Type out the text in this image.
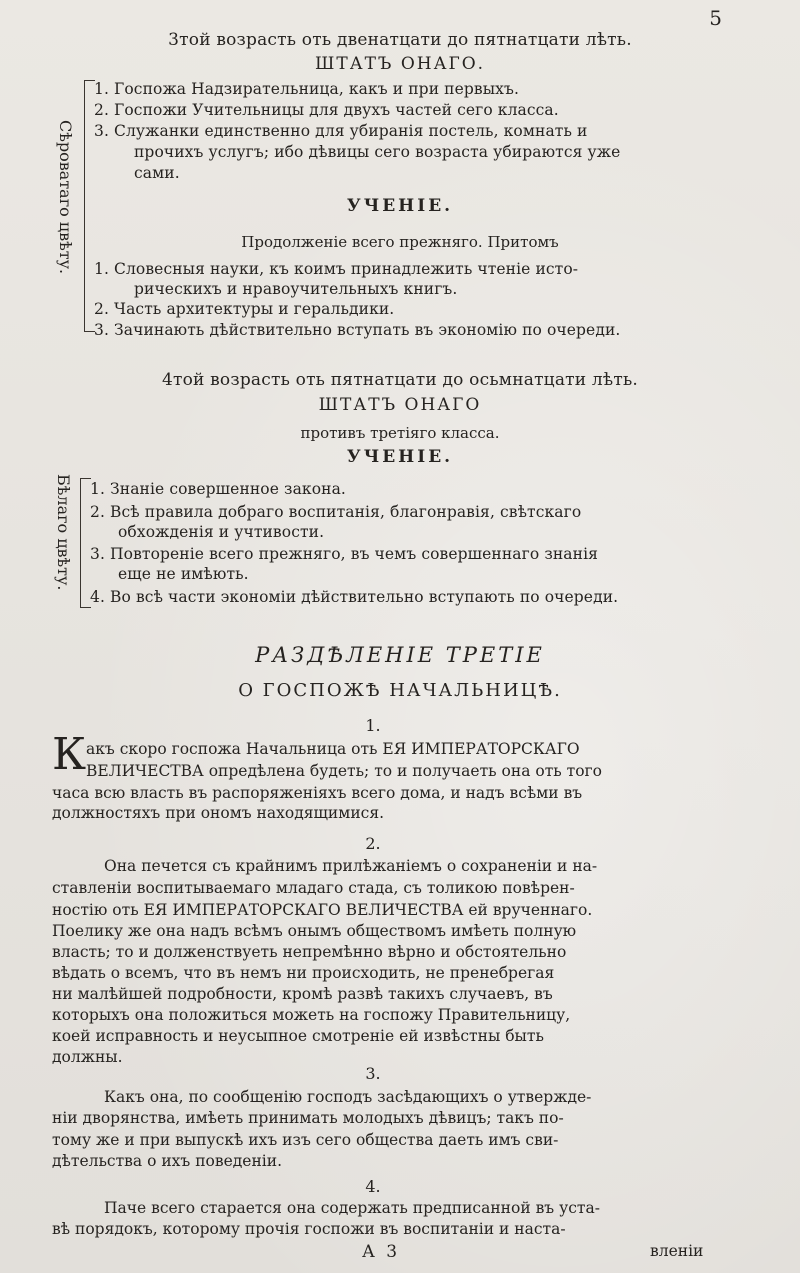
5
3той возрасть оть двенатцати до пятнатцати лѣть.
ШТАТЪ ОНАГО.
Сѣроватаго цвѣту.
1. Госпожа Надзирательница, какъ и при первыхъ.
2. Госпожи Учительницы для двухъ частей сего класса.
3. Служанки единственно для убиранія постель, комнать и
прочихъ услугъ; ибо дѣвицы сего возраста убираются уже
сами.
УЧЕНІЕ.
Продолженіе всего прежняго. Притомъ
1. Словесныя науки, къ коимъ принадлежить чтеніе исто-
рическихъ и нравоучительныхъ книгъ.
2. Часть архитектуры и геральдики.
3. Зачинають дѣйствительно вступать въ экономію по очереди.
4той возрасть оть пятнатцати до осьмнатцати лѣть.
ШТАТЪ ОНАГО
противъ третіяго класса.
УЧЕНІЕ.
Бѣлаго цвѣту. 1. Знаніе совершенное закона.
2. Всѣ правила добраго воспитанія, благонравія, свѣтскаго
обхожденія и учтивости.
3. Повтореніе всего прежняго, въ чемъ совершеннаго знанія
еще не имѣють.
4. Во всѣ части экономіи дѣйствительно вступають по очереди.
РАЗДѢЛЕНІЕ ТРЕТІЕ
О ГОСПОЖѢ НАЧАЛЬНИЦѢ.
1.
К акъ скоро госпожа Начальница оть ЕЯ ИМПЕРАТОРСКАГО
ВЕЛИЧЕСТВА опредѣлена будеть; то и получаеть она оть того
часа всю власть въ распоряженіяхъ всего дома, и надъ всѣми въ
должностяхъ при ономъ находящимися.
2.
Она печется съ крайнимъ прилѣжаніемъ о сохраненіи и на-
ставленіи воспитываемаго младаго стада, съ толикою повѣрен-
ностію оть ЕЯ ИМПЕРАТОРСКАГО ВЕЛИЧЕСТВА ей врученнаго.
Поелику же она надъ всѣмъ онымъ обществомъ имѣеть полную
власть; то и долженствуеть непремѣнно вѣрно и обстоятельно
вѣдать о всемъ, что въ немъ ни происходить, не пренебрегая
ни малѣйшей подробности, кромѣ развѣ такихъ случаевъ, въ
которыхъ она положиться можеть на госпожу Правительницу,
коей исправность и неусыпное смотреніе ей извѣстны быть
должны.
3.
Какъ она, по сообщенію господъ засѣдающихъ о утвержде-
ніи дворянства, имѣеть принимать молодыхъ дѣвицъ; такъ по-
тому же и при выпускѣ ихъ изъ сего общества даеть имъ сви-
дѣтельства о ихъ поведеніи.
4.
Паче всего старается она содержать предписанной въ уста-
вѣ порядокъ, которому прочія госпожи въ воспитаніи и наста-
А 3	вленіи
